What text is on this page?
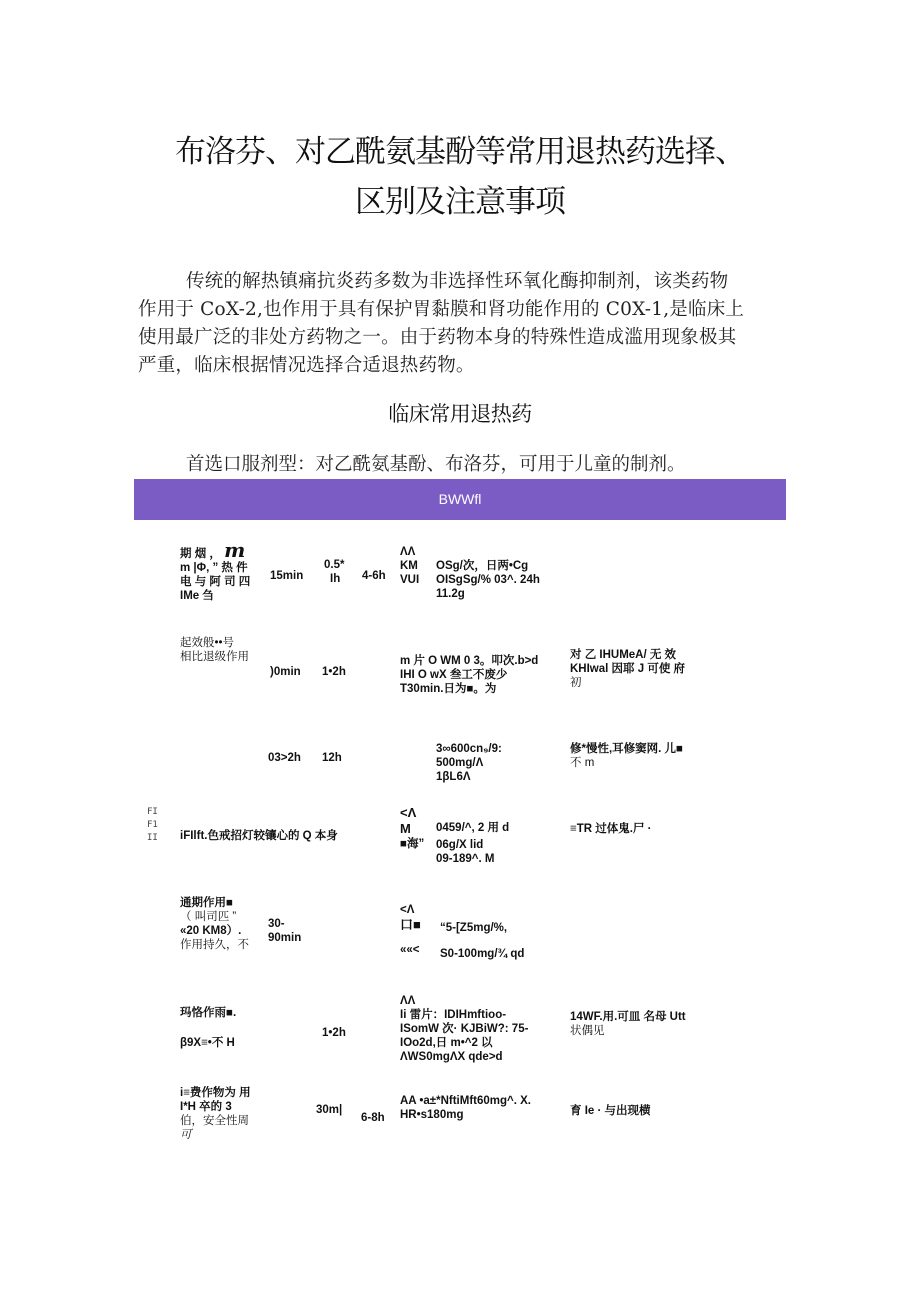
布洛芬、对乙酰氨基酚等常用退热药选择、
区别及注意事项
传统的解热镇痛抗炎药多数为非选择性环氧化酶抑制剂，该类药物
作用于 CoX-2,也作用于具有保护胃黏膜和肾功能作用的 C0X-1,是临床上
使用最广泛的非处方药物之一。由于药物本身的特殊性造成滥用现象极其
严重，临床根据情况选择合适退热药物。
临床常用退热药
首选口服剂型：对乙酰氨基酚、布洛芬，可用于儿童的制剂。
BWWfl
FI
F1
II
期 烟 ， m
m |Φ, ” 热 件
电 与 阿 司 四
IMe 刍
15min
0.5*
Ih	4-6h
ΛΛ
KM
VUI
OSg/次，日两•Cg
OISgSg/% 03^. 24h
11.2g
起效般••号
相比退级作用
)0min 1•2h
m 片 O WM 0 3。叩次.b>d
IHI O wX 叁工不废少
T30min.日为■。为
对 乙 IHUMeA/ 无 效
KHIwal 因耶 J 可使 府
初
03>2h 12h
3∞600cn₉/9:
500mg/Λ
1βL6Λ
修*慢性,耳修窦网. 儿■
不 m
iFIlft.色戒招灯较镶心的 Q 本身
<Λ
M
■海”
0459/^, 2 用 d
06g/X lid
09-189^. M
≡TR 过体鬼.尸 ·
通期作用■
（ 叫司匹 ”
«20 KM8）.
作用持久，不
30-
90min
<Λ
口■
««<
“5-[Z5mg/%,
S0-100mg/¾ qd
玛恪作雨■.
β9X≡•不 H
1•2h
ΛΛ
Ii 雷片：IDIHmftioo-
ISomW 次· KJBiW?: 75-
IOo2d,日 m•^2 以
ΛWS0mgΛX qde>d
14WF.用.可皿 名母 Utt
状偶见
i≡费作物为 用
I*H 卒的 3
伯，安全性周
可
30m|
6-8h
AA •a±*NftiMft60mg^. X.
HR•s180mg	育 Ie · 与出现横
